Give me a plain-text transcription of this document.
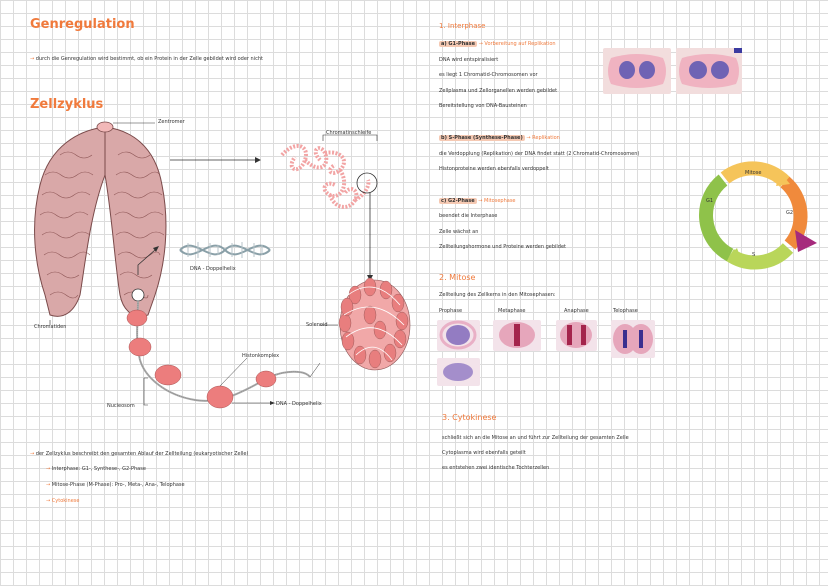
Genregulation
→ durch die Genregulation wird bestimmt, ob ein Protein in der Zelle gebildet wird oder nicht
Zellzyklus
Zentromer
Chromatinschleife
Chromatiden
DNA - Doppelhelix
Solenoid
Histonkomplex
Nucleosom	DNA - Doppelhelix
→ der Zellzyklus beschreibt den gesamten Ablauf der Zellteilung (eukaryotischer Zelle)
→ Interphase: G1-, Synthese-, G2-Phase
→ Mitose-Phase (M-Phase): Pro-, Meta-, Ana-, Telophase
→ Cytokinese
1. Interphase
a) G1-Phase → Vorbereitung auf Replikation
DNA wird entspiralisiert
es liegt 1 Chromatid-Chromosomen vor
Zellplasma und Zellorganellen werden gebildet
Bereitstellung von DNA-Bausteinen
b) S-Phase (Synthese-Phase) → Replikation
die Verdopplung (Replikation) der DNA findet statt (2 Chromatid-Chromosomen)
Histonproteine werden ebenfalls verdoppelt
c) G2-Phase → Mitosephase
beendet die Interphase
Zelle wächst an
Zellteilungshormone und Proteine werden gebildet
Mitose
G1
G2
S
2. Mitose
Zellteilung des Zellkerns in den Mitosephasen:
Prophase	Metaphase	Anaphase	Telophase
3. Cytokinese
schließt sich an die Mitose an und führt zur Zellteilung der gesamten Zelle
Cytoplasma wird ebenfalls geteilt
es entstehen zwei identische Tochterzellen
